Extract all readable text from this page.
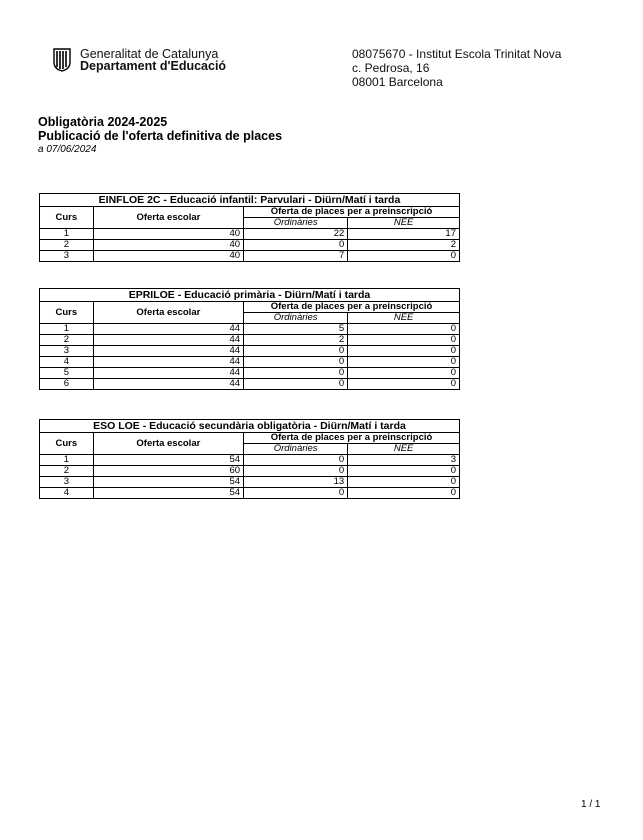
Generalitat de Catalunya
Departament d'Educació
08075670 - Institut Escola Trinitat Nova
c. Pedrosa, 16
08001 Barcelona
Obligatòria 2024-2025
Publicació de l'oferta definitiva de places
a 07/06/2024
EINFLOE 2C - Educació infantil: Parvulari - Diürn/Matí i tarda			
Curs	Oferta escolar	Oferta de places per a preinscripció	
		Ordinàries	NEE
1	40	22	17
2	40	0	2
3	40	7	0
EPRILOE - Educació primària - Diürn/Matí i tarda			
Curs	Oferta escolar	Oferta de places per a preinscripció	
		Ordinàries	NEE
1	44	5	0
2	44	2	0
3	44	0	0
4	44	0	0
5	44	0	0
6	44	0	0
ESO LOE - Educació secundària obligatòria - Diürn/Matí i tarda			
Curs	Oferta escolar	Oferta de places per a preinscripció	
		Ordinàries	NEE
1	54	0	3
2	60	0	0
3	54	13	0
4	54	0	0
1 / 1
